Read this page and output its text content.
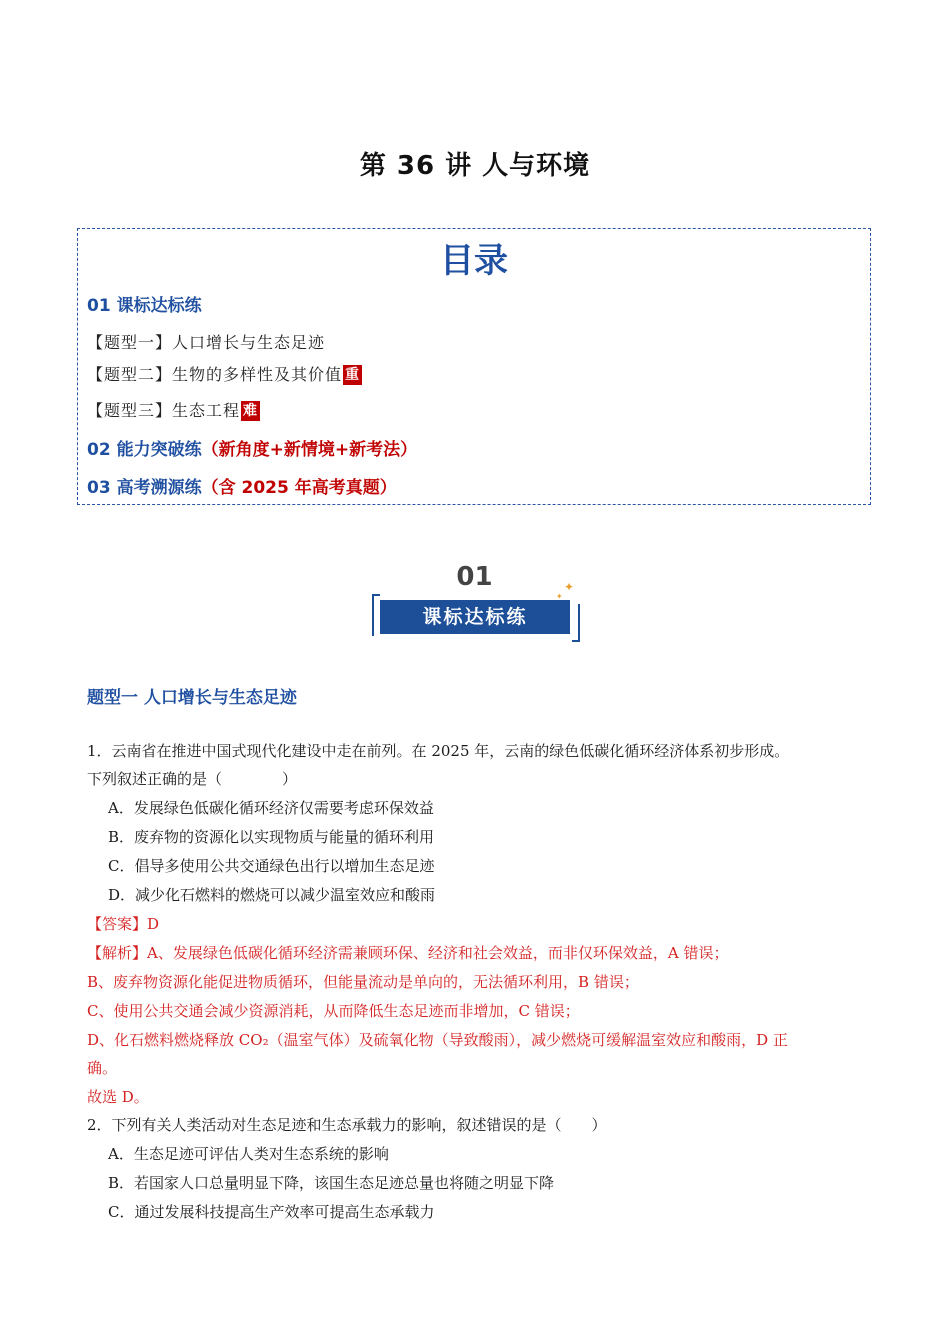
第 36 讲 人与环境
目录
01 课标达标练
【题型一】人口增长与生态足迹
【题型二】生物的多样性及其价值 重
【题型三】生态工程 难
02 能力突破练（新角度+新情境+新考法）
03 高考溯源练（含 2025 年高考真题）
01
课标达标练
✦
✦
题型一 人口增长与生态足迹
1．云南省在推进中国式现代化建设中走在前列。在 2025 年，云南的绿色低碳化循环经济体系初步形成。
下列叙述正确的是（　　　　）
A．发展绿色低碳化循环经济仅需要考虑环保效益
B．废弃物的资源化以实现物质与能量的循环利用
C．倡导多使用公共交通绿色出行以增加生态足迹
D．减少化石燃料的燃烧可以减少温室效应和酸雨
【答案】D
【解析】A、发展绿色低碳化循环经济需兼顾环保、经济和社会效益，而非仅环保效益，A 错误；
B、废弃物资源化能促进物质循环，但能量流动是单向的，无法循环利用，B 错误；
C、使用公共交通会减少资源消耗，从而降低生态足迹而非增加，C 错误；
D、化石燃料燃烧释放 CO₂（温室气体）及硫氧化物（导致酸雨），减少燃烧可缓解温室效应和酸雨，D 正
确。
故选 D。
2．下列有关人类活动对生态足迹和生态承载力的影响，叙述错误的是（　　）
A．生态足迹可评估人类对生态系统的影响
B．若国家人口总量明显下降，该国生态足迹总量也将随之明显下降
C．通过发展科技提高生产效率可提高生态承载力
